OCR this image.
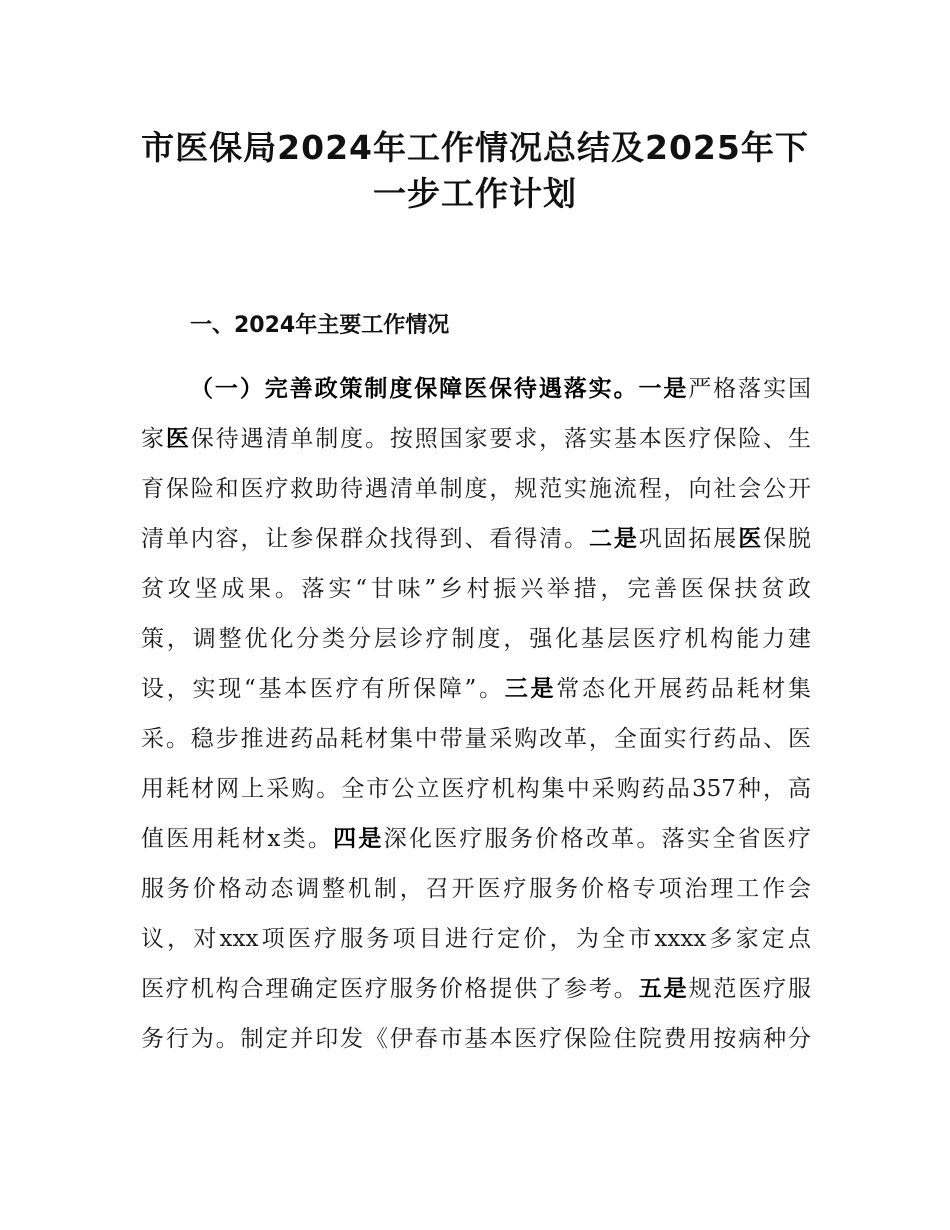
市医保局2024年工作情况总结及2025年下
一步工作计划
一、2024年主要工作情况
（一）完善政策制度保障医保待遇落实。一是严格落实国
家医保待遇清单制度。按照国家要求，落实基本医疗保险、生
育保险和医疗救助待遇清单制度，规范实施流程，向社会公开
清单内容，让参保群众找得到、看得清。二是巩固拓展医保脱
贫攻坚成果。落实“甘味”乡村振兴举措，完善医保扶贫政
策，调整优化分类分层诊疗制度，强化基层医疗机构能力建
设，实现“基本医疗有所保障”。三是常态化开展药品耗材集
采。稳步推进药品耗材集中带量采购改革，全面实行药品、医
用耗材网上采购。全市公立医疗机构集中采购药品357种，高
值医用耗材x类。四是深化医疗服务价格改革。落实全省医疗
服务价格动态调整机制，召开医疗服务价格专项治理工作会
议，对xxx项医疗服务项目进行定价，为全市xxxx多家定点
医疗机构合理确定医疗服务价格提供了参考。五是规范医疗服
务行为。制定并印发《伊春市基本医疗保险住院费用按病种分
